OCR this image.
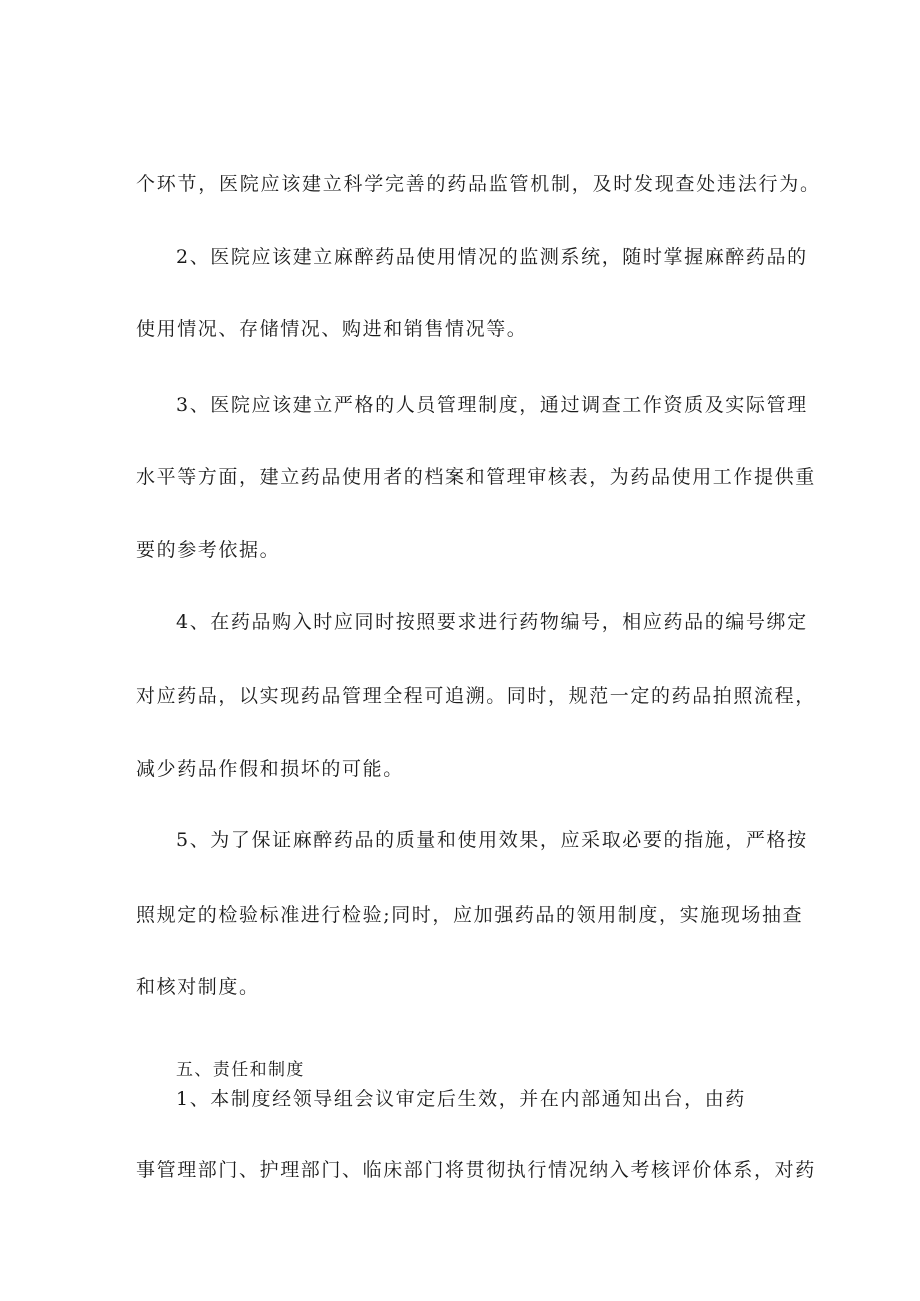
个环节，医院应该建立科学完善的药品监管机制，及时发现查处违法行为。
2、医院应该建立麻醉药品使用情况的监测系统，随时掌握麻醉药品的
使用情况、存储情况、购进和销售情况等。
3、医院应该建立严格的人员管理制度，通过调查工作资质及实际管理
水平等方面，建立药品使用者的档案和管理审核表，为药品使用工作提供重
要的参考依据。
4、在药品购入时应同时按照要求进行药物编号，相应药品的编号绑定
对应药品，以实现药品管理全程可追溯。同时，规范一定的药品拍照流程，
减少药品作假和损坏的可能。
5、为了保证麻醉药品的质量和使用效果，应采取必要的指施，严格按
照规定的检验标准进行检验;同时，应加强药品的领用制度，实施现场抽查
和核对制度。
五、责任和制度
1、本制度经领导组会议审定后生效，并在内部通知出台，由药
事管理部门、护理部门、临床部门将贯彻执行情况纳入考核评价体系，对药
